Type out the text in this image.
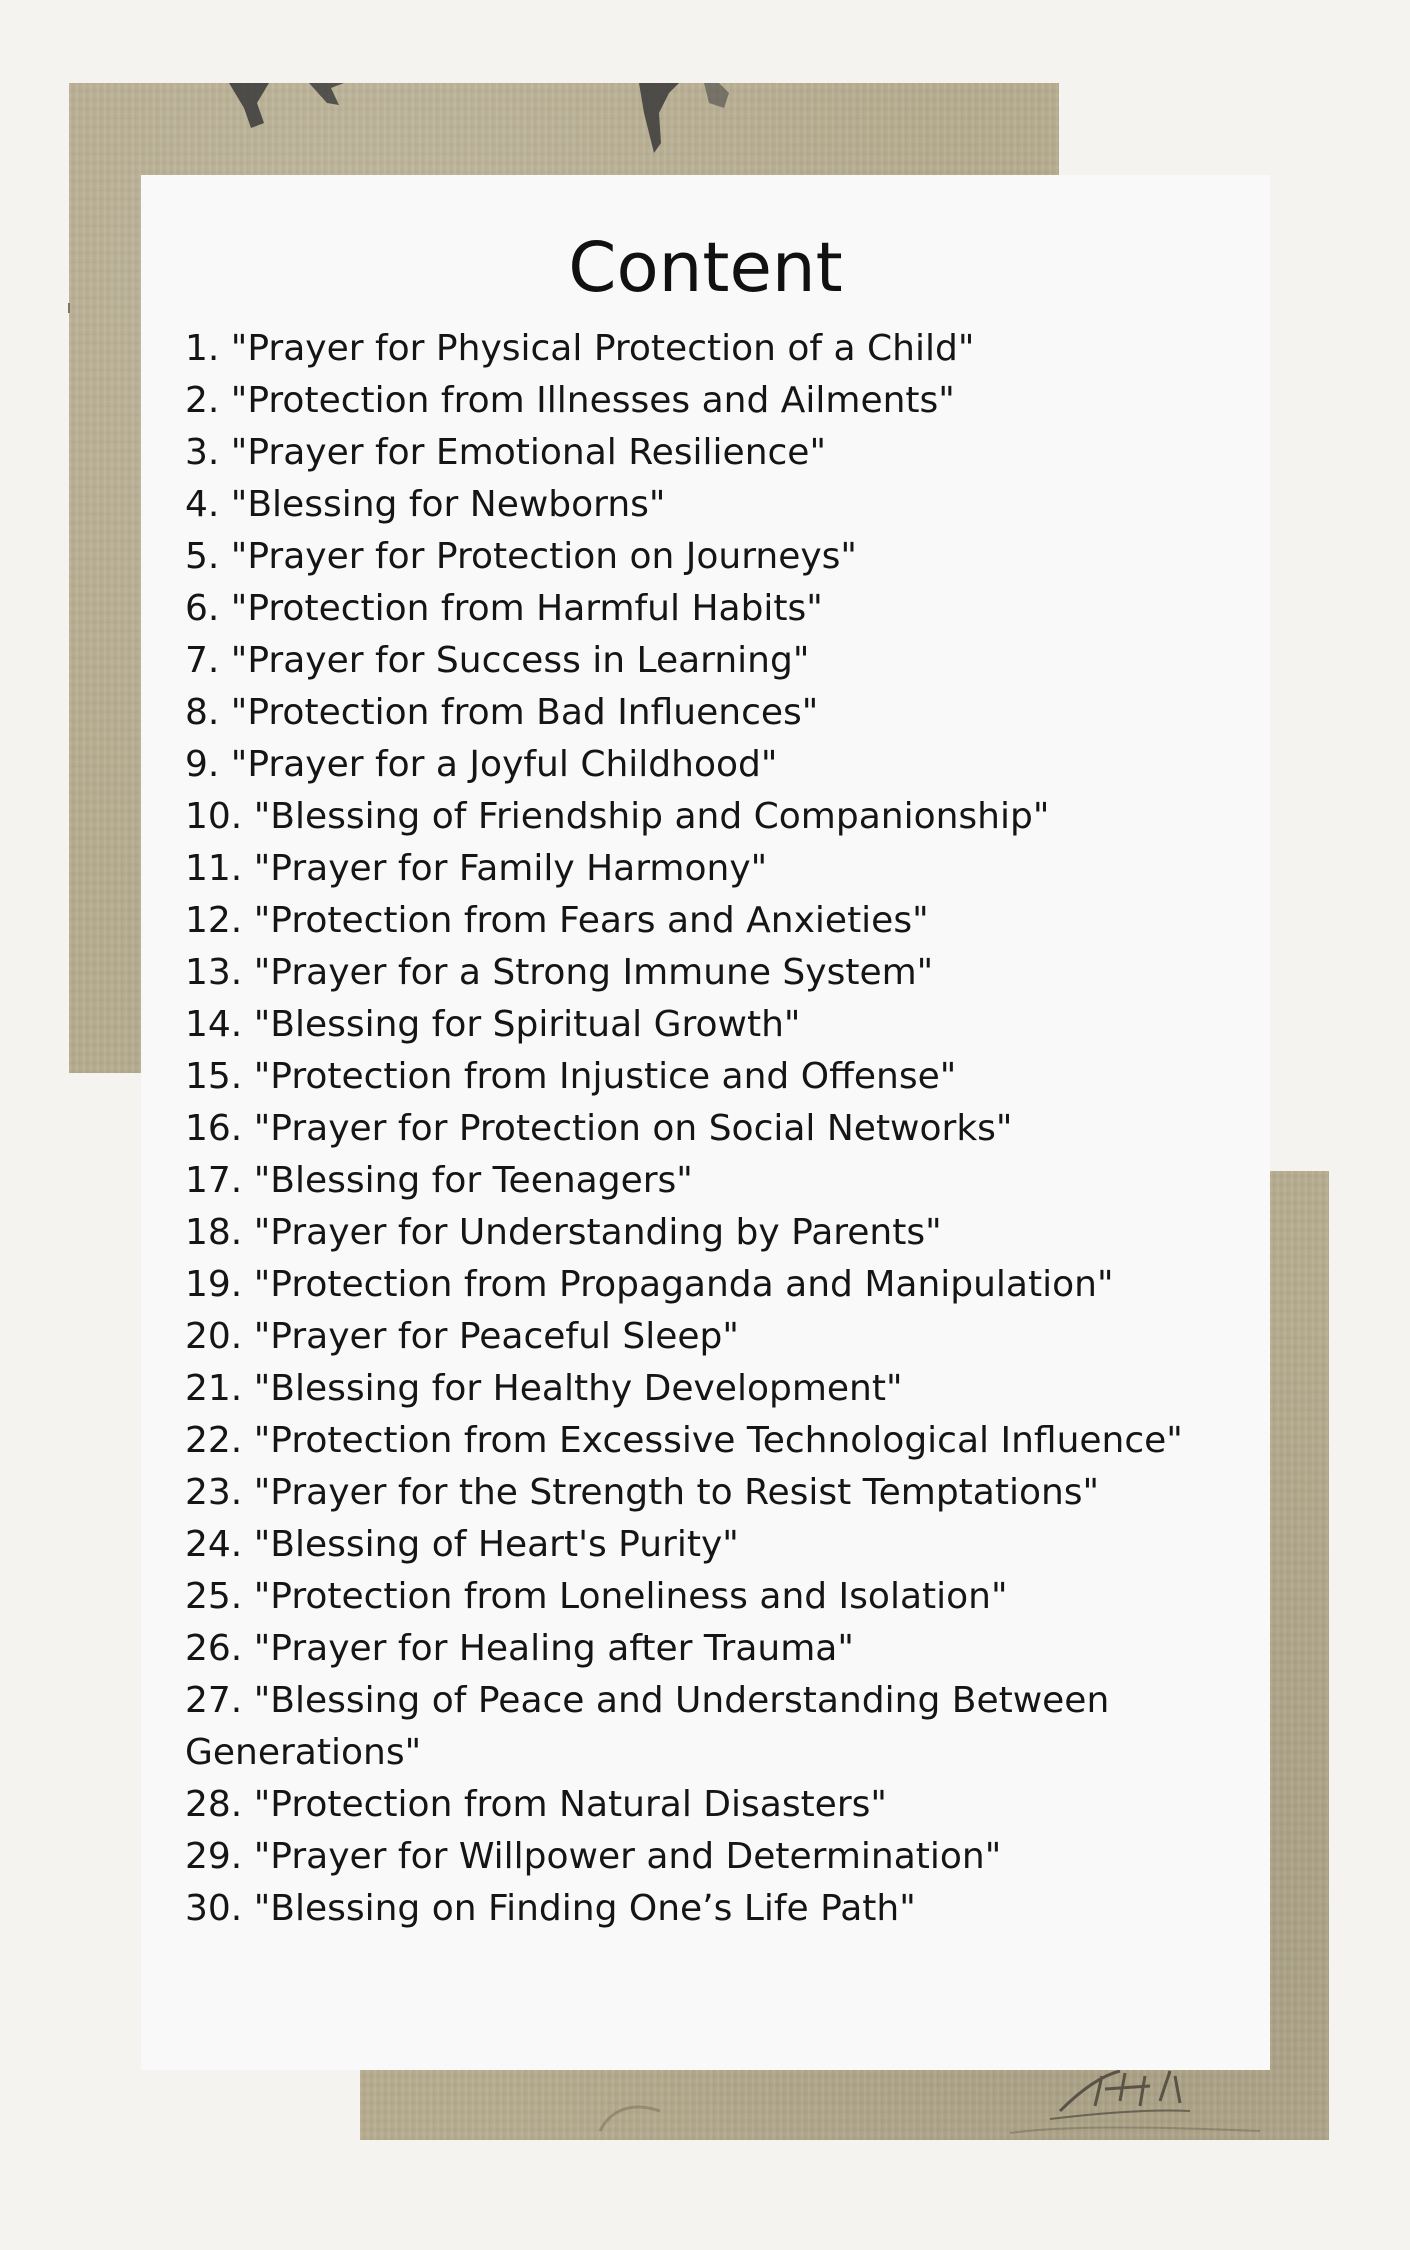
Content
1. "Prayer for Physical Protection of a Child"
2. "Protection from Illnesses and Ailments"
3. "Prayer for Emotional Resilience"
4. "Blessing for Newborns"
5. "Prayer for Protection on Journeys"
6. "Protection from Harmful Habits"
7. "Prayer for Success in Learning"
8. "Protection from Bad Influences"
9. "Prayer for a Joyful Childhood"
10. "Blessing of Friendship and Companionship"
11. "Prayer for Family Harmony"
12. "Protection from Fears and Anxieties"
13. "Prayer for a Strong Immune System"
14. "Blessing for Spiritual Growth"
15. "Protection from Injustice and Offense"
16. "Prayer for Protection on Social Networks"
17. "Blessing for Teenagers"
18. "Prayer for Understanding by Parents"
19. "Protection from Propaganda and Manipulation"
20. "Prayer for Peaceful Sleep"
21. "Blessing for Healthy Development"
22. "Protection from Excessive Technological Influence"
23. "Prayer for the Strength to Resist Temptations"
24. "Blessing of Heart's Purity"
25. "Protection from Loneliness and Isolation"
26. "Prayer for Healing after Trauma"
27. "Blessing of Peace and Understanding Between Generations"
28. "Protection from Natural Disasters"
29. "Prayer for Willpower and Determination"
30. "Blessing on Finding One’s Life Path"
